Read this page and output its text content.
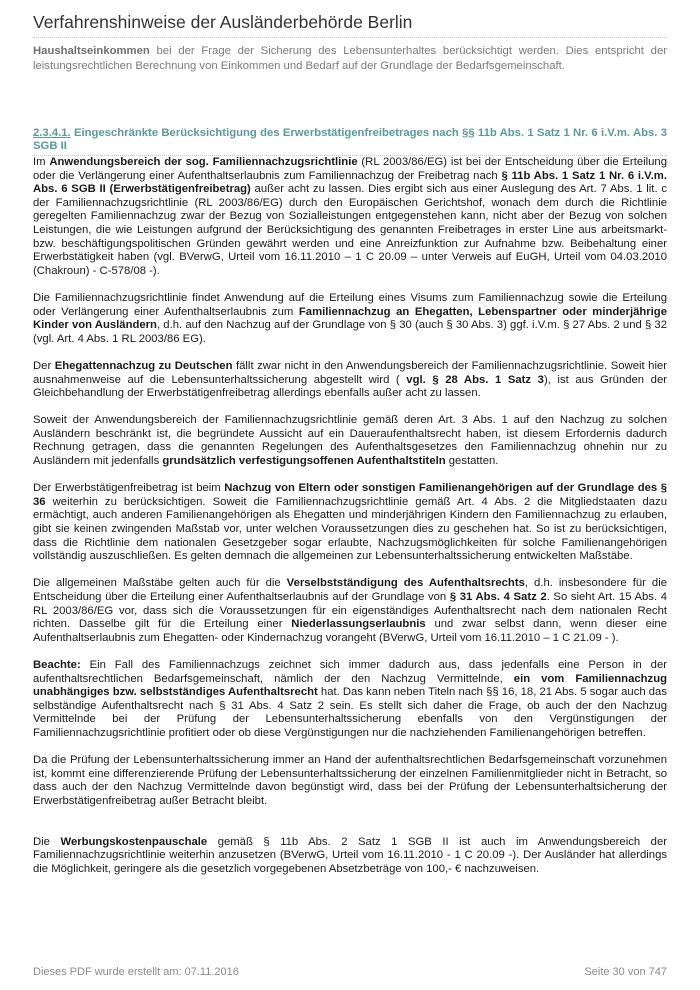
Verfahrenshinweise der Ausländerbehörde Berlin

Haushaltseinkommen bei der Frage der Sicherung des Lebensunterhaltes berücksichtigt werden. Dies entspricht der leistungsrechtlichen Berechnung von Einkommen und Bedarf auf der Grundlage der Bedarfsgemeinschaft.

2.3.4.1. Eingeschränkte Berücksichtigung des Erwerbstätigenfreibetrages nach §§ 11b Abs. 1 Satz 1 Nr. 6 i.V.m. Abs. 3 SGB II

Im Anwendungsbereich der sog. Familiennachzugsrichtlinie (RL 2003/86/EG) ist bei der Entscheidung über die Erteilung oder die Verlängerung einer Aufenthaltserlaubnis zum Familiennachzug der Freibetrag nach § 11b Abs. 1 Satz 1 Nr. 6 i.V.m. Abs. 6 SGB II (Erwerbstätigenfreibetrag) außer acht zu lassen. Dies ergibt sich aus einer Auslegung des Art. 7 Abs. 1 lit. c der Familiennachzugsrichtlinie (RL 2003/86/EG) durch den Europäischen Gerichtshof, wonach dem durch die Richtlinie geregelten Familiennachzug zwar der Bezug von Sozialleistungen entgegenstehen kann, nicht aber der Bezug von solchen Leistungen, die wie Leistungen aufgrund der Berücksichtigung des genannten Freibetrages in erster Line aus arbeitsmarkt- bzw. beschäftigungspolitischen Gründen gewährt werden und eine Anreizfunktion zur Aufnahme bzw. Beibehaltung einer Erwerbstätigkeit haben (vgl. BVerwG, Urteil vom 16.11.2010 – 1 C 20.09 – unter Verweis auf EuGH, Urteil vom 04.03.2010 (Chakroun) - C-578/08 -).

Die Familiennachzugsrichtlinie findet Anwendung auf die Erteilung eines Visums zum Familiennachzug sowie die Erteilung oder Verlängerung einer Aufenthaltserlaubnis zum Familiennachzug an Ehegatten, Lebenspartner oder minderjährige Kinder von Ausländern, d.h. auf den Nachzug auf der Grundlage von § 30 (auch § 30 Abs. 3) ggf. i.V.m. § 27 Abs. 2 und § 32 (vgl. Art. 4 Abs. 1 RL 2003/86 EG).

Der Ehegattennachzug zu Deutschen fällt zwar nicht in den Anwendungsbereich der Familiennachzugsrichtlinie. Soweit hier ausnahmenweise auf die Lebensunterhaltssicherung abgestellt wird ( vgl. § 28 Abs. 1 Satz 3), ist aus Gründen der Gleichbehandlung der Erwerbstätigenfreibetrag allerdings ebenfalls außer acht zu lassen.

Soweit der Anwendungsbereich der Familiennachzugsrichtlinie gemäß deren Art. 3 Abs. 1 auf den Nachzug zu solchen Ausländern beschränkt ist, die begründete Aussicht auf ein Daueraufenthaltsrecht haben, ist diesem Erfordernis dadurch Rechnung getragen, dass die genannten Regelungen des Aufenthaltsgesetzes den Familiennachzug ohnehin nur zu Ausländern mit jedenfalls grundsätzlich verfestigungsoffenen Aufenthaltstiteln gestatten.

Der Erwerbstätigenfreibetrag ist beim Nachzug von Eltern oder sonstigen Familienangehörigen auf der Grundlage des § 36 weiterhin zu berücksichtigen. Soweit die Familiennachzugsrichtlinie gemäß Art. 4 Abs. 2 die Mitgliedstaaten dazu ermächtigt, auch anderen Familienangehörigen als Ehegatten und minderjährigen Kindern den Familiennachzug zu erlauben, gibt sie keinen zwingenden Maßstab vor, unter welchen Voraussetzungen dies zu geschehen hat. So ist zu berücksichtigen, dass die Richtlinie dem nationalen Gesetzgeber sogar erlaubte, Nachzugsmöglichkeiten für solche Familienangehörigen vollständig auszuschließen. Es gelten demnach die allgemeinen zur Lebensunterhaltssicherung entwickelten Maßstäbe.

Die allgemeinen Maßstäbe gelten auch für die Verselbstständigung des Aufenthaltsrechts, d.h. insbesondere für die Entscheidung über die Erteilung einer Aufenthaltserlaubnis auf der Grundlage von § 31 Abs. 4 Satz 2. So sieht Art. 15 Abs. 4 RL 2003/86/EG vor, dass sich die Voraussetzungen für ein eigenständiges Aufenthaltsrecht nach dem nationalen Recht richten. Dasselbe gilt für die Erteilung einer Niederlassungserlaubnis und zwar selbst dann, wenn dieser eine Aufenthaltserlaubnis zum Ehegatten- oder Kindernachzug vorangeht (BVerwG, Urteil vom 16.11.2010 – 1 C 21.09 - ).

Beachte: Ein Fall des Familiennachzugs zeichnet sich immer dadurch aus, dass jedenfalls eine Person in der aufenthaltsrechtlichen Bedarfsgemeinschaft, nämlich der den Nachzug Vermittelnde, ein vom Familiennachzug unabhängiges bzw. selbstständiges Aufenthaltsrecht hat. Das kann neben Titeln nach §§ 16, 18, 21 Abs. 5 sogar auch das selbständige Aufenthaltsrecht nach § 31 Abs. 4 Satz 2 sein. Es stellt sich daher die Frage, ob auch der den Nachzug Vermittelnde bei der Prüfung der Lebensunterhaltssicherung ebenfalls von den Vergünstigungen der Familiennachzugsrichtlinie profitiert oder ob diese Vergünstigungen nur die nachziehenden Familienangehörigen betreffen.

Da die Prüfung der Lebensunterhaltssicherung immer an Hand der aufenthaltsrechtlichen Bedarfsgemeinschaft vorzunehmen ist, kommt eine differenzierende Prüfung der Lebensunterhaltssicherung der einzelnen Familienmitglieder nicht in Betracht, so dass auch der den Nachzug Vermittelnde davon begünstigt wird, dass bei der Prüfung der Lebensunterhaltsicherung der Erwerbstätigenfreibetrag außer Betracht bleibt.

Die Werbungskostenpauschale gemäß § 11b Abs. 2 Satz 1 SGB II ist auch im Anwendungsbereich der Familiennachzugsrichtlinie weiterhin anzusetzen (BVerwG, Urteil vom 16.11.2010 - 1 C 20.09 -). Der Ausländer hat allerdings die Möglichkeit, geringere als die gesetzlich vorgegebenen Absetzbeträge von 100,- € nachzuweisen.

Dieses PDF wurde erstellt am: 07.11.2016	Seite 30 von 747
